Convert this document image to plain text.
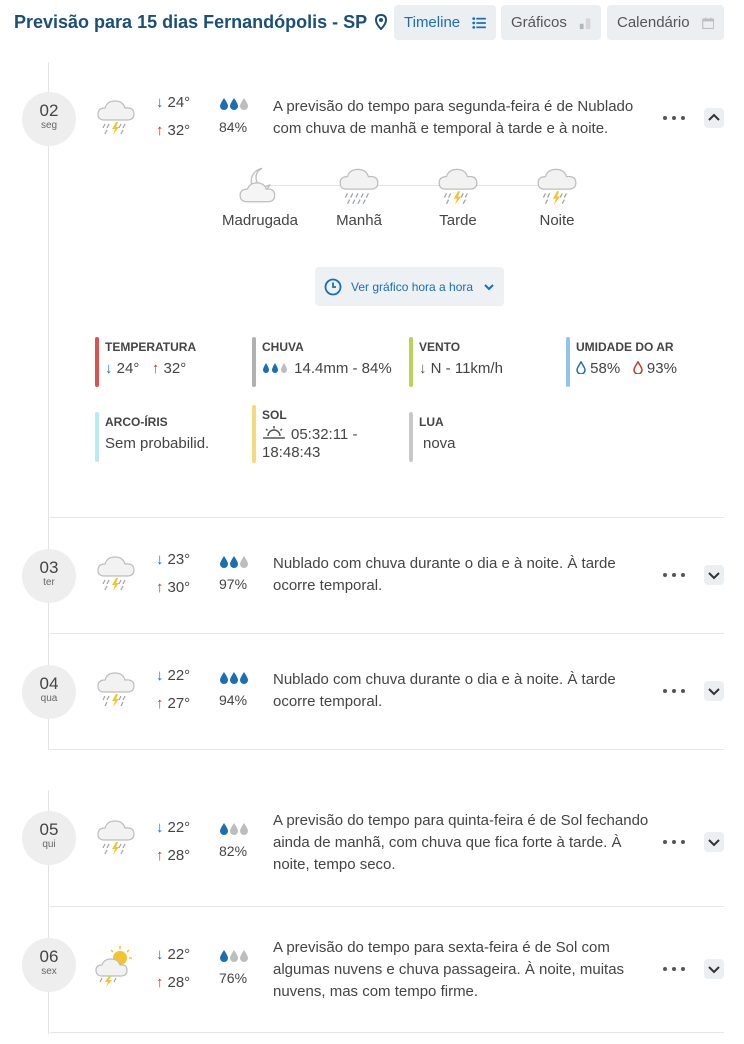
Previsão para 15 dias Fernandópolis - SP	Timeline	Gráficos	Calendário
02
seg
↓ 24°
↑ 32° 84%
A previsão do tempo para segunda-feira é de Nublado com chuva de manhã e temporal à tarde e à noite.
Madrugada	Manhã	Tarde	Noite
Ver gráfico hora a hora
TEMPERATURA
↓ 24° ↑ 32°
CHUVA
14.4mm - 84%
VENTO
↓ N - 11km/h
UMIDADE DO AR
58% 93%
ARCO-ÍRIS
Sem probabilid.
SOL
05:32:11 - 18:48:43
LUA
nova
03
ter
↓ 23°
↑ 30° 97%
Nublado com chuva durante o dia e à noite. À tarde ocorre temporal.
04
qua
↓ 22°
↑ 27° 94%
Nublado com chuva durante o dia e à noite. À tarde ocorre temporal.
05
qui
↓ 22°
↑ 28° 82%
A previsão do tempo para quinta-feira é de Sol fechando ainda de manhã, com chuva que fica forte à tarde. À noite, tempo seco.
06
sex
↓ 22°
↑ 28° 76%
A previsão do tempo para sexta-feira é de Sol com algumas nuvens e chuva passageira. À noite, muitas nuvens, mas com tempo firme.
